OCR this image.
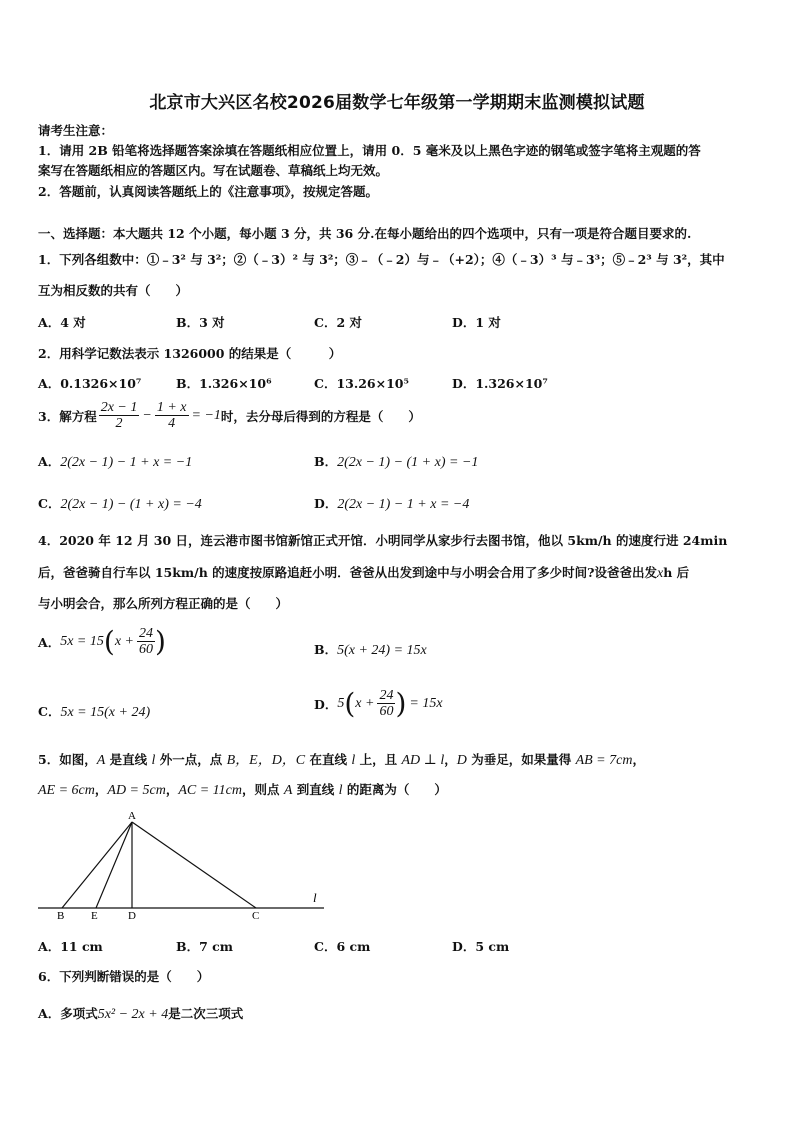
北京市大兴区名校2026届数学七年级第一学期期末监测模拟试题
请考生注意：
1．请用 2B 铅笔将选择题答案涂填在答题纸相应位置上，请用 0．5 毫米及以上黑色字迹的钢笔或签字笔将主观题的答
案写在答题纸相应的答题区内。写在试题卷、草稿纸上均无效。
2．答题前，认真阅读答题纸上的《注意事项》，按规定答题。
一、选择题：本大题共 12 个小题，每小题 3 分，共 36 分.在每小题给出的四个选项中，只有一项是符合题目要求的.
1．下列各组数中：①﹣3² 与 3²；②（﹣3）² 与 3²；③﹣（﹣2）与﹣（+2）；④（﹣3）³ 与﹣3³；⑤﹣2³ 与 3²，其中
互为相反数的共有（　　）
A．4 对	B．3 对	C．2 对	D．1 对
2．用科学记数法表示 1326000 的结果是（　　　）
A．0.1326×10⁷	B．1.326×10⁶	C．13.26×10⁵	D．1.326×10⁷
3．解方程 $\frac{2x - 1}{2} - \frac{1 + x}{4} = -1$ 时，去分母后得到的方程是（　　）
A．2(2x − 1) − 1 + x = −1	B．2(2x − 1) − (1 + x) = −1
C．2(2x − 1) − (1 + x) = −4	D．2(2x − 1) − 1 + x = −4
4．2020 年 12 月 30 日，连云港市图书馆新馆正式开馆．小明同学从家步行去图书馆，他以 5km/h 的速度行进 24min
后，爸爸骑自行车以 15km/h 的速度按原路追赶小明．爸爸从出发到途中与小明会合用了多少时间?设爸爸出发xh 后
与小明会合，那么所列方程正确的是（　　）
A． 5x = 15 ( $x + \frac{24}{60}$ )	B．5(x + 24) = 15x
C．5x = 15(x + 24)
D． 5 ( $x + \frac{24}{60}$ ) = 15x
5．如图，A 是直线 l 外一点，点 B，E，D，C 在直线 l 上，且 AD ⊥ l，D 为垂足，如果量得 AB = 7cm，
AE = 6cm，AD = 5cm，AC = 11cm，则点 A 到直线 l 的距离为（　　）
A
B E	D	C
l
A．11 cm	B．7 cm	C．6 cm	D．5 cm
6．下列判断错误的是（　　）
A．多项式5x² − 2x + 4是二次三项式
